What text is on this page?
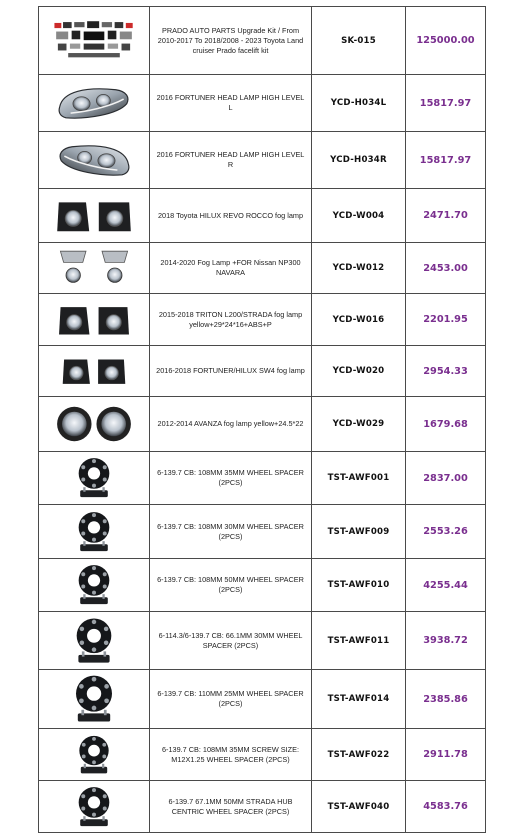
	PRADO AUTO PARTS Upgrade Kit / From 2010-2017 To 2018/2008 - 2023 Toyota Land cruiser Prado facelift kit	SK-015	125000.00

	2016 FORTUNER HEAD LAMP HIGH LEVEL L	YCD-H034L	15817.97

	2016 FORTUNER HEAD LAMP HIGH LEVEL R	YCD-H034R	15817.97

	2018 Toyota HILUX REVO ROCCO fog lamp	YCD-W004	2471.70

	2014-2020 Fog Lamp +FOR Nissan NP300 NAVARA	YCD-W012	2453.00

	2015-2018 TRITON L200/STRADA fog lamp yellow+29*24*16+ABS+P	YCD-W016	2201.95

	2016-2018 FORTUNER/HILUX SW4 fog lamp	YCD-W020	2954.33

	2012-2014 AVANZA fog lamp yellow+24.5*22	YCD-W029	1679.68

	6-139.7 CB: 108MM 35MM WHEEL SPACER (2PCS)	TST-AWF001	2837.00

	6-139.7 CB: 108MM 30MM WHEEL SPACER (2PCS)	TST-AWF009	2553.26

	6-139.7 CB: 108MM 50MM WHEEL SPACER (2PCS)	TST-AWF010	4255.44

	6-114.3/6-139.7 CB: 66.1MM 30MM WHEEL SPACER (2PCS)	TST-AWF011	3938.72

	6-139.7 CB: 110MM 25MM WHEEL SPACER (2PCS)	TST-AWF014	2385.86

	6-139.7 CB: 108MM 35MM SCREW SIZE: M12X1.25 WHEEL SPACER (2PCS)	TST-AWF022	2911.78

	6-139.7 67.1MM 50MM STRADA HUB CENTRIC WHEEL SPACER (2PCS)	TST-AWF040	4583.76
